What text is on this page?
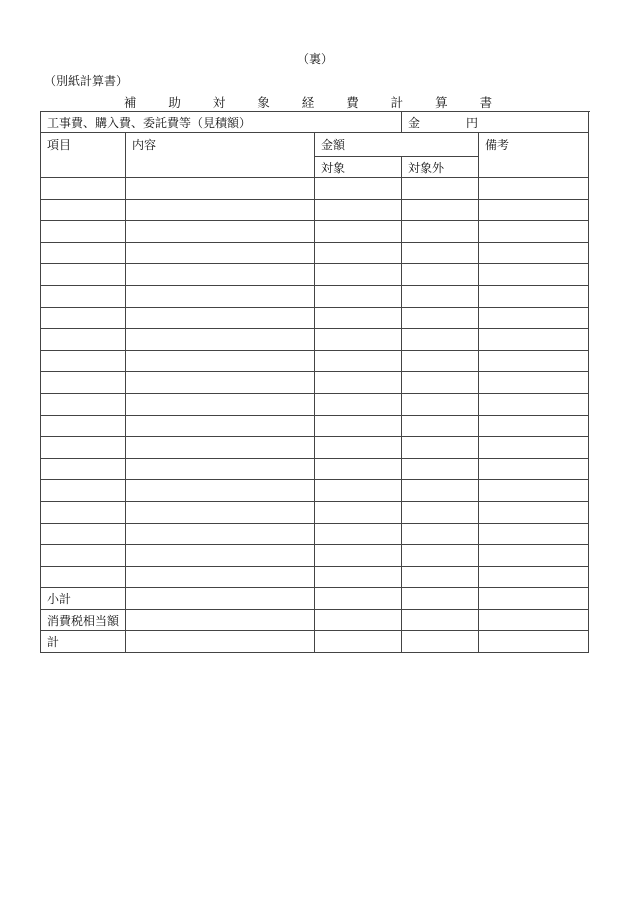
（裏）
（別紙計算書）
補 助 対 象 経 費 計 算 書
工事費、購入費、委託費等（見積額）			金 円	

項目	内容	金額		備考
		対象	対象外	

小計				
消費税相当額				
計				
